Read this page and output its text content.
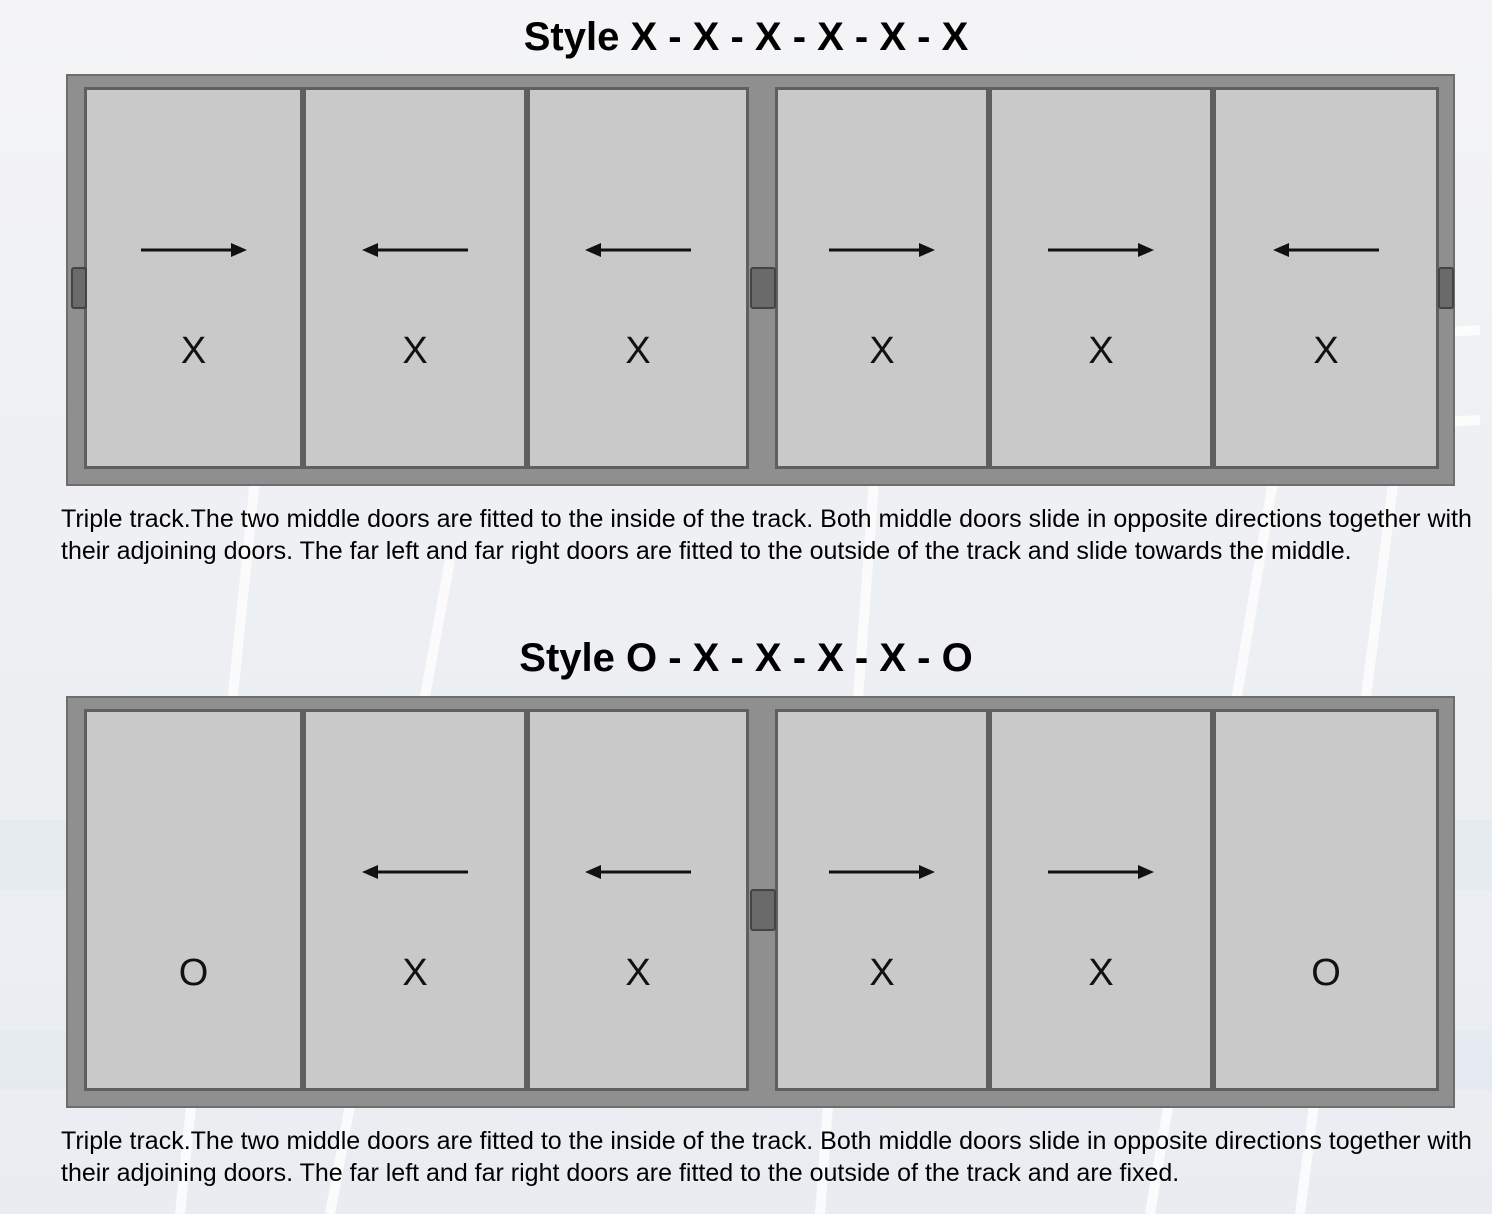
Style X - X - X - X - X - X
X	X	X	X	X	X

Triple track.The two middle doors are fitted to the inside of the track. Both middle doors slide in opposite directions together with their adjoining doors. The far left and far right doors are fitted to the outside of the track and slide towards the middle.

Style O - X - X - X - X - O
O	X	X	X	X	O

Triple track.The two middle doors are fitted to the inside of the track. Both middle doors slide in opposite directions together with their adjoining doors. The far left and far right doors are fitted to the outside of the track and are fixed.
